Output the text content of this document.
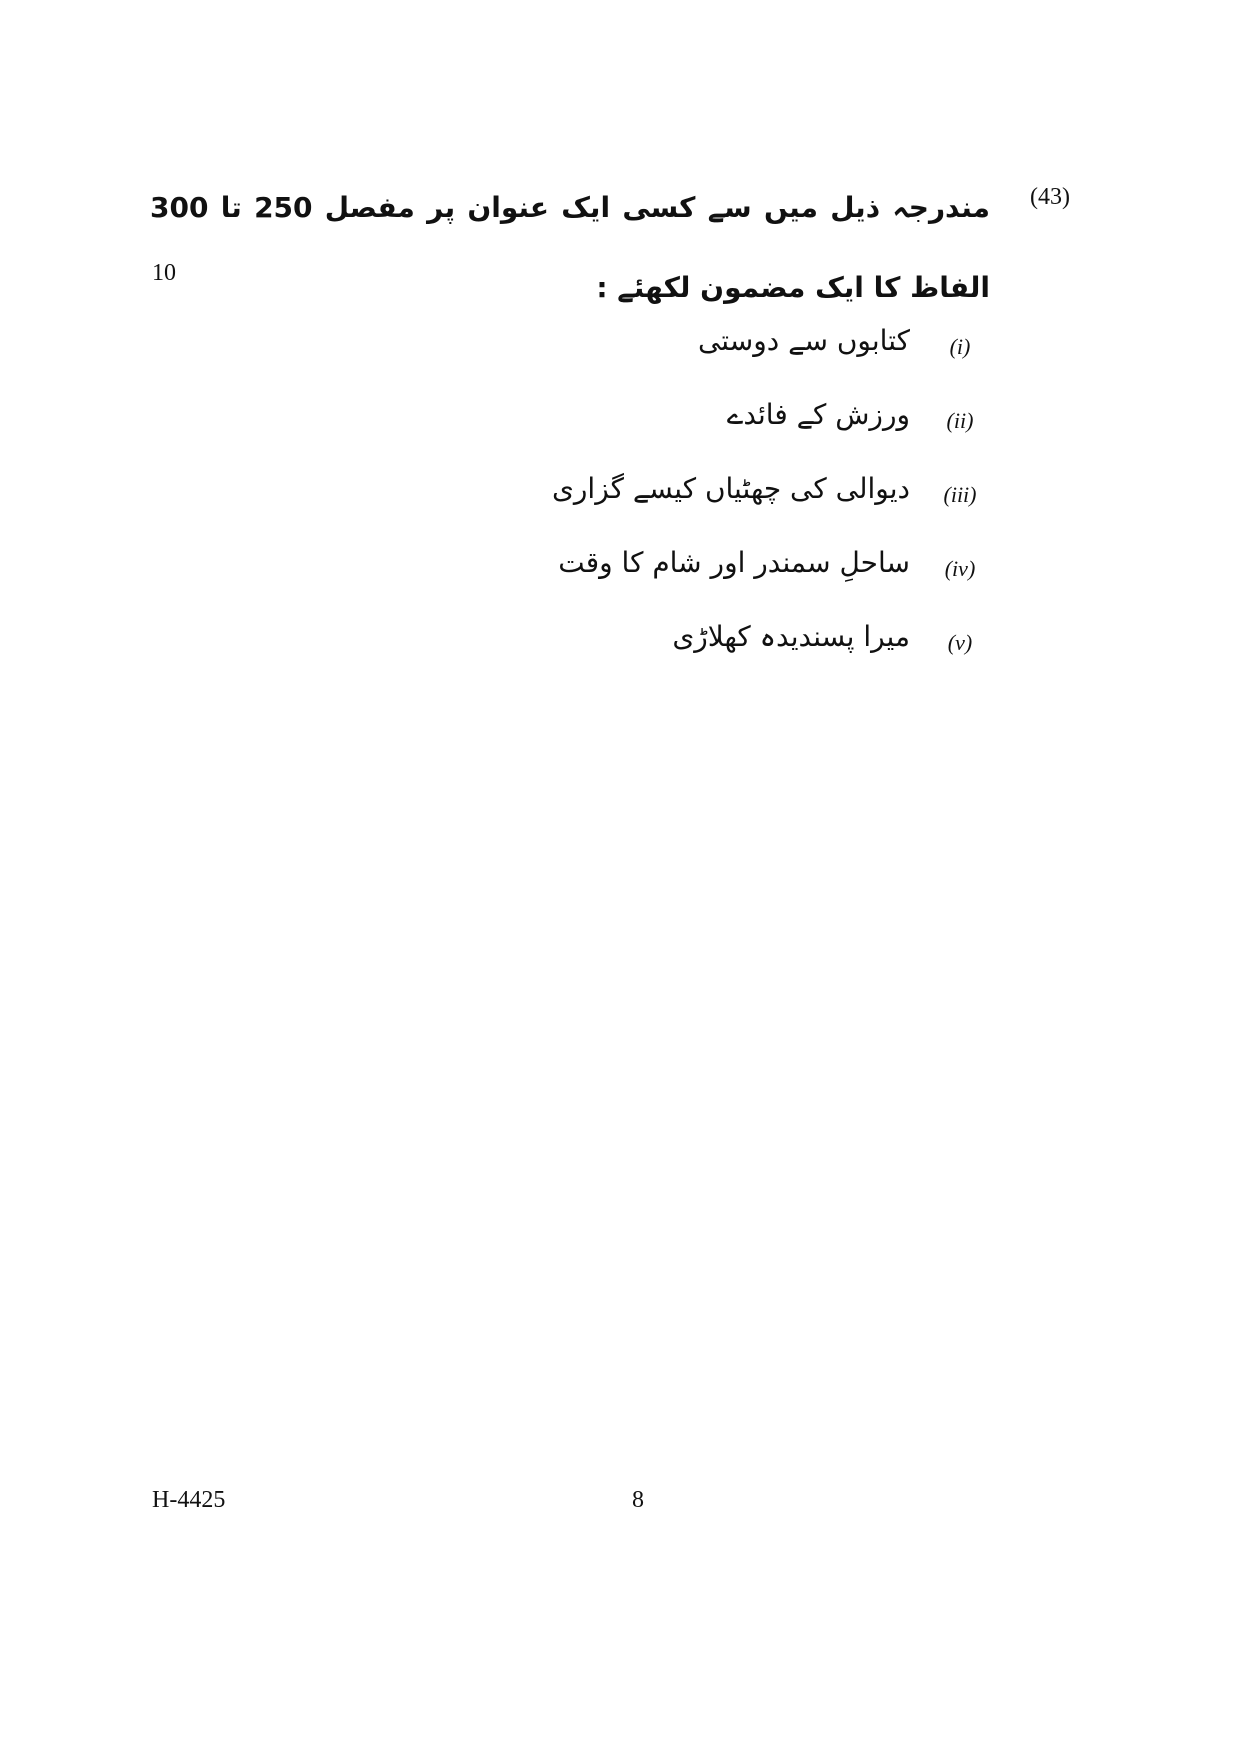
(43)
مندرجہ ذیل میں سے کسی ایک عنوان پر مفصل 250 تا 300 الفاظ کا ایک مضمون لکھئے :
10
(i)
کتابوں سے دوستی
(ii)
ورزش کے فائدے
(iii)
دیوالی کی چھٹیاں کیسے گزاری
(iv)
ساحلِ سمندر اور شام کا وقت
(v)
میرا پسندیدہ کھلاڑی
H-4425	8
